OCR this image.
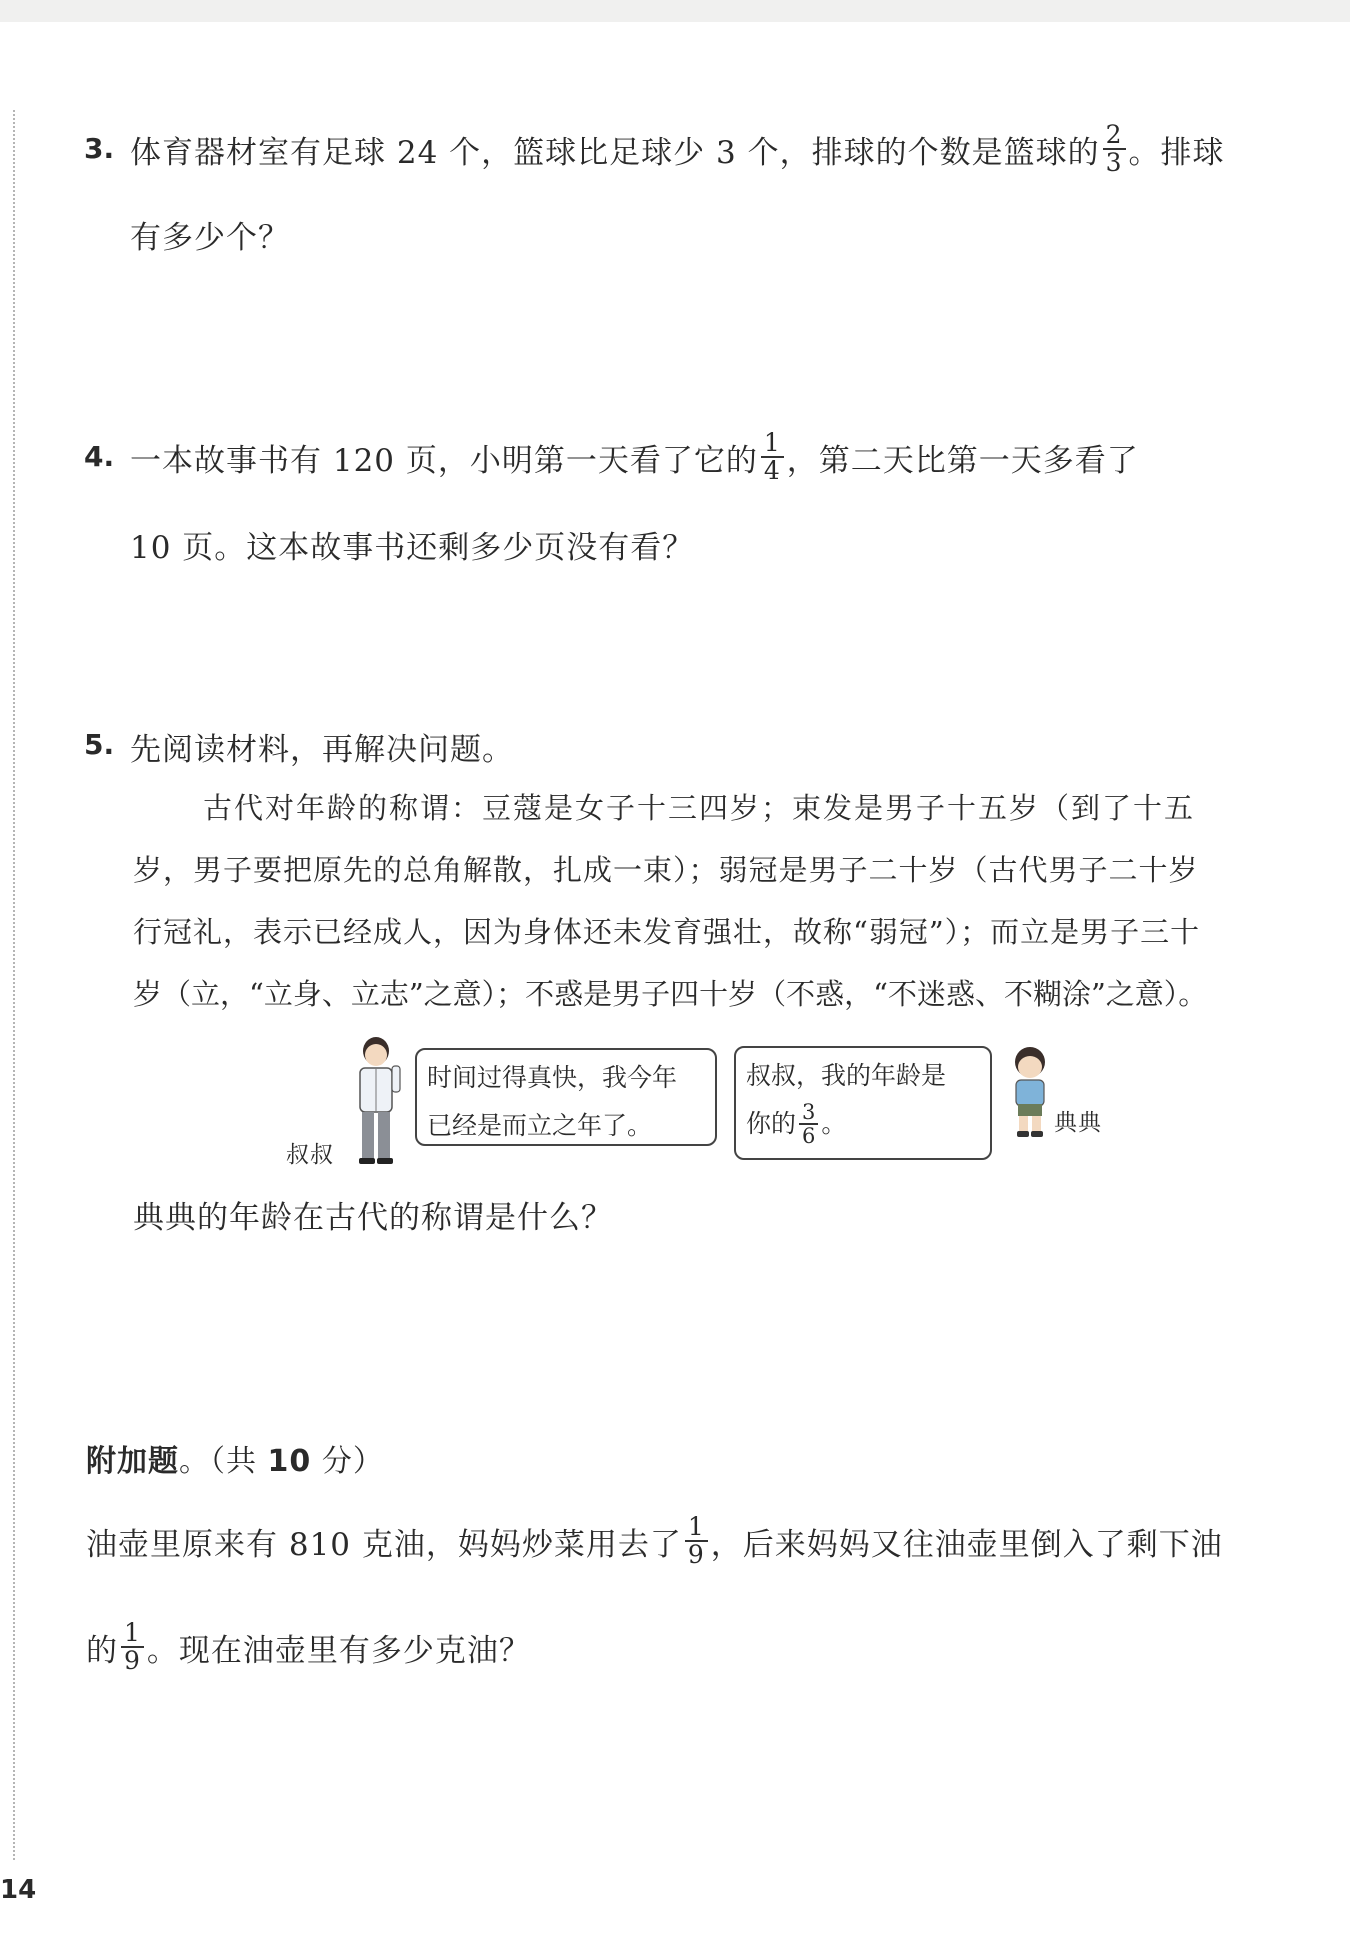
3. 体育器材室有足球 24 个，篮球比足球少 3 个，排球的个数是篮球的 $\frac{2}{3}$ 。排球
有多少个？
4. 一本故事书有 120 页，小明第一天看了它的 $\frac{1}{4}$ ，第二天比第一天多看了
10 页。这本故事书还剩多少页没有看？
5. 先阅读材料，再解决问题。
古代对年龄的称谓：豆蔻是女子十三四岁；束发是男子十五岁（到了十五
岁，男子要把原先的总角解散，扎成一束）；弱冠是男子二十岁（古代男子二十岁
行冠礼，表示已经成人，因为身体还未发育强壮，故称“弱冠”）；而立是男子三十
岁（立，“立身、立志”之意）；不惑是男子四十岁（不惑，“不迷惑、不糊涂”之意）。
叔叔
时间过得真快，我今年
已经是而立之年了。
叔叔，我的年龄是
你的 $\frac{3}{6}$ 。	典典
典典的年龄在古代的称谓是什么？
附加题。（共 10 分）
油壶里原来有 810 克油，妈妈炒菜用去了 $\frac{1}{9}$ ，后来妈妈又往油壶里倒入了剩下油
的 $\frac{1}{9}$ 。现在油壶里有多少克油？
14
